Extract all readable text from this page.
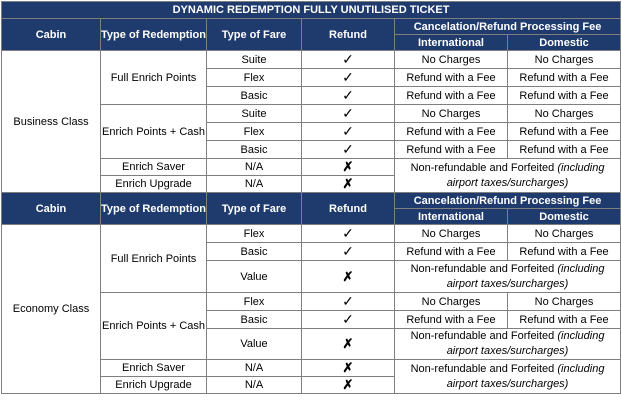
DYNAMIC REDEMPTION FULLY UNUTILISED TICKET					
Cabin	Type of Redemption	Type of Fare	Refund	Cancelation/Refund Processing Fee	
				International	Domestic
Business Class	Full Enrich Points	Suite	✓	No Charges	No Charges
		Flex	✓	Refund with a Fee	Refund with a Fee
		Basic	✓	Refund with a Fee	Refund with a Fee
	Enrich Points + Cash	Suite	✓	No Charges	No Charges
		Flex	✓	Refund with a Fee	Refund with a Fee
		Basic	✓	Refund with a Fee	Refund with a Fee
	Enrich Saver	N/A	✗	Non-refundable and Forfeited (including airport taxes/surcharges)	
	Enrich Upgrade	N/A	✗		
Cabin	Type of Redemption	Type of Fare	Refund	Cancelation/Refund Processing Fee	
				International	Domestic
Economy Class	Full Enrich Points	Flex	✓	No Charges	No Charges
		Basic	✓	Refund with a Fee	Refund with a Fee
		Value	✗	Non-refundable and Forfeited (including airport taxes/surcharges)	

	Enrich Points + Cash	Flex	✓	No Charges	No Charges
		Basic	✓	Refund with a Fee	Refund with a Fee
		Value	✗	Non-refundable and Forfeited (including airport taxes/surcharges)	
	Enrich Saver	N/A	✗	Non-refundable and Forfeited (including airport taxes/surcharges)	
	Enrich Upgrade	N/A	✗		
